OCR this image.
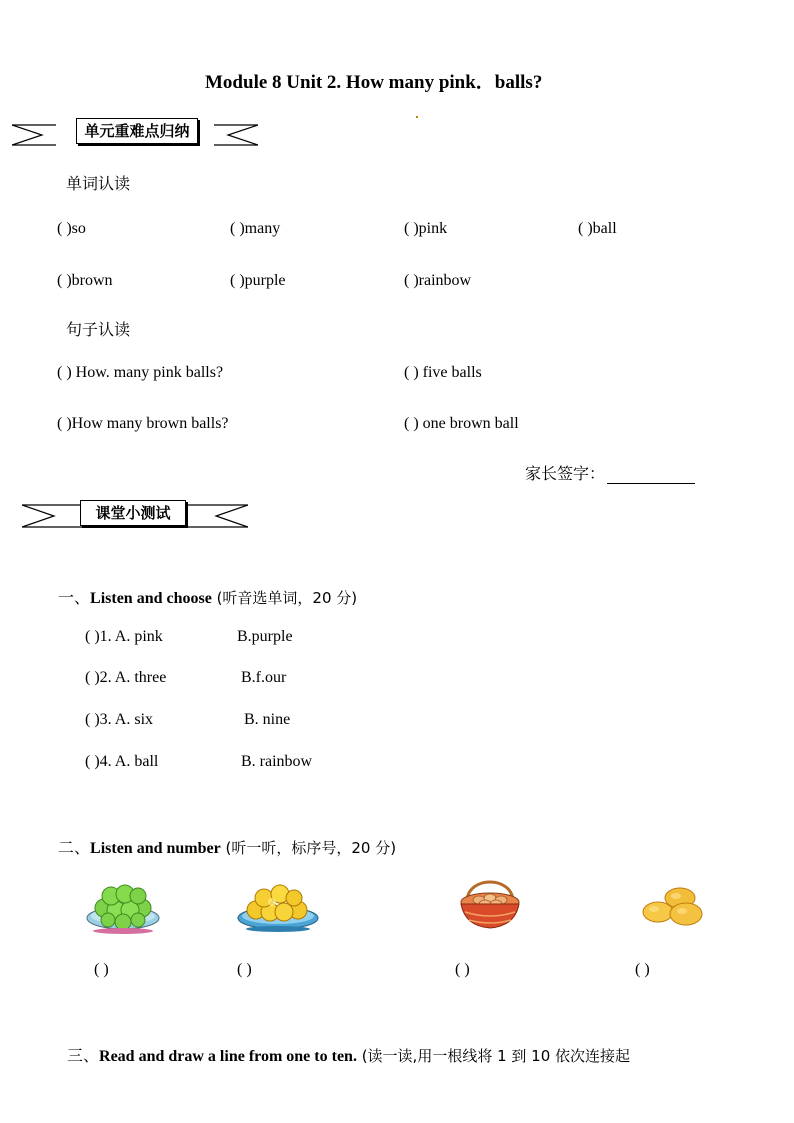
Module 8 Unit 2. How many pink．balls?
单元重难点归纳
单词认读
( )so	( )many	( )pink	( )ball
( )brown	( )purple	( )rainbow
句子认读
( ) How. many pink balls?	( ) five balls
( )How many brown balls?	( ) one brown ball
家长签字：
课堂小测试
一、Listen and choose (听音选单词，20 分)
( )1. A. pink	B.purple
( )2. A. three	B.f.our
( )3. A. six	B. nine
( )4. A. ball	B. rainbow
二、Listen and number (听一听，标序号，20 分)
( )	( )	( )	( )
三、Read and draw a line from one to ten. (读一读,用一根线将 1 到 10 依次连接起
